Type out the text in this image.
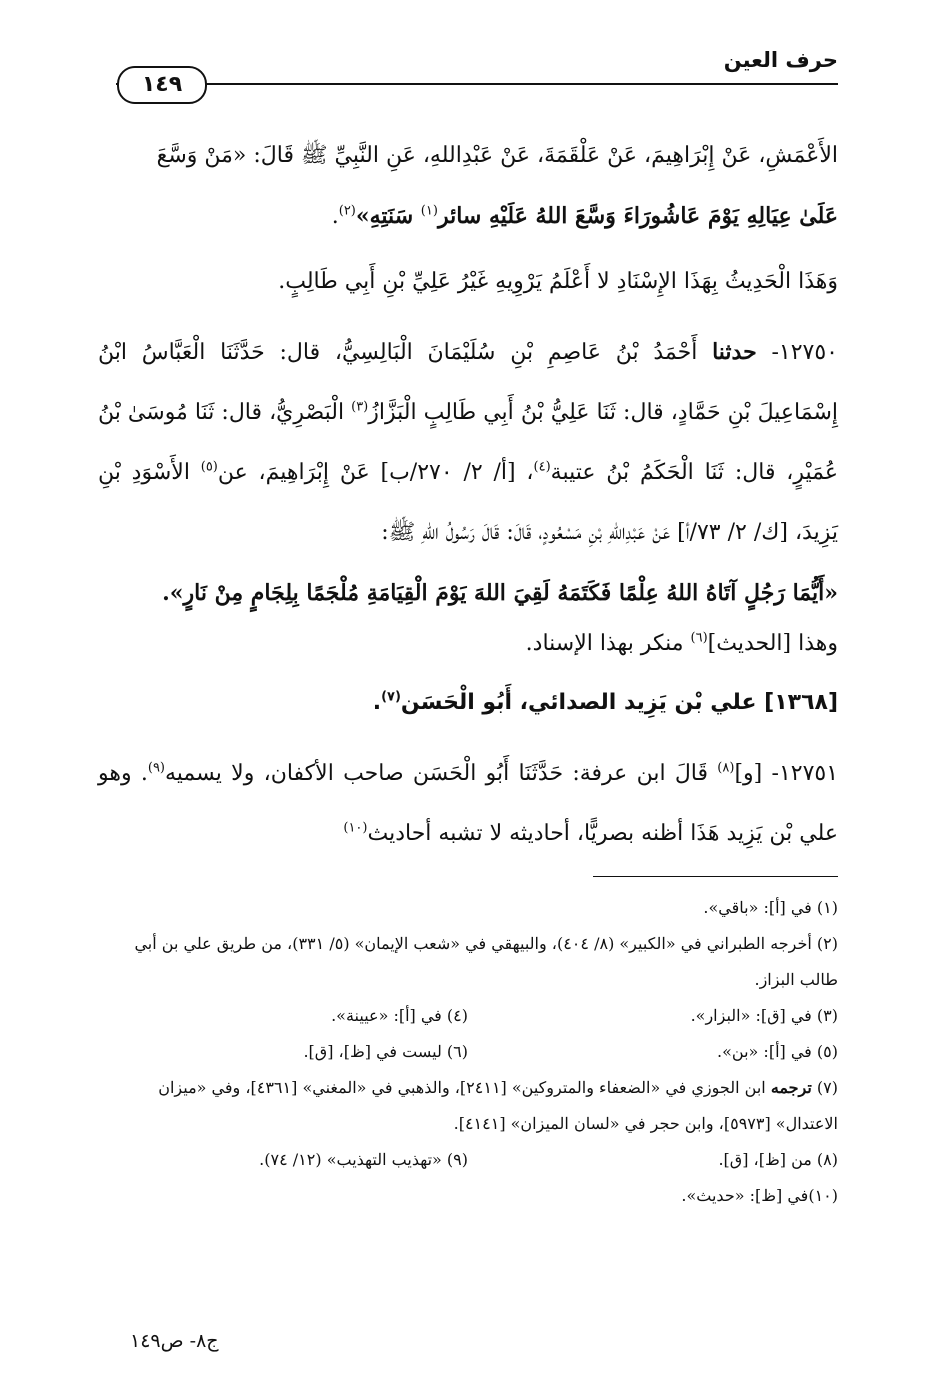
حرف العين
١٤٩
الأَعْمَشِ، عَنْ إِبْرَاهِيمَ، عَنْ عَلْقَمَةَ، عَنْ عَبْدِاللهِ، عَنِ النَّبِيِّ ﷺ قَالَ: «مَنْ وَسَّعَ
عَلَىٰ عِيَالِهِ يَوْمَ عَاشُورَاءَ وَسَّعَ اللهُ عَلَيْهِ سائر$^{(١)}$ سَنَتِهِ»$^{(٢)}$.
وَهَذَا الْحَدِيثُ بِهَذَا الإِسْنَادِ لا أَعْلَمُ يَرْوِيهِ غَيْرُ عَلِيِّ بْنِ أَبِي طَالِبٍ.
١٢٧٥٠- حدثنا أَحْمَدُ بْنُ عَاصِمِ بْنِ سُلَيْمَانَ الْبَالِسِيُّ، قال: حَدَّثَنَا الْعَبَّاسُ ابْنُ إِسْمَاعِيلَ بْنِ حَمَّادٍ، قال: ثَنَا عَلِيُّ بْنُ أَبِي طَالِبٍ الْبَزَّازُ$^{(٣)}$ الْبَصْرِيُّ، قال: ثَنَا مُوسَىٰ بْنُ عُمَيْرٍ، قال: ثَنَا الْحَكَمُ بْنُ عتيبة$^{(٤)}$، [أ/ ٢/ ٢٧٠/ب] عَنْ إِبْرَاهِيمَ، عن$^{(٥)}$ الأَسْوَدِ بْنِ يَزِيدَ، [ك/ ٢/ ٧٣/أ] عَنْ عَبْدِاللهِ بْنِ مَسْعُودٍ، قَالَ: قَالَ رَسُولُ اللهِ ﷺ:
«أَيُّمَا رَجُلٍ آتَاهُ اللهُ عِلْمًا فَكَتَمَهُ لَقِيَ اللهَ يَوْمَ الْقِيَامَةِ مُلْجَمًا بِلِجَامٍ مِنْ نَارٍ».
وهذا [الحديث]$^{(٦)}$ منكر بهذا الإسناد.
[١٣٦٨] علي بْن يَزِيد الصدائي، أَبُو الْحَسَن$^{(٧)}$.
١٢٧٥١- [و]$^{(٨)}$ قَالَ ابن عرفة: حَدَّثَنَا أَبُو الْحَسَن صاحب الأكفان، ولا يسميه$^{(٩)}$. وهو علي بْن يَزِيد هَذَا أظنه بصريًّا، أحاديثه لا تشبه أحاديث$^{(١٠)}$

(١) في [أ]: «باقي».

(٢) أخرجه الطبراني في «الكبير» (٨/ ٤٠٤)، والبيهقي في «شعب الإيمان» (٥/ ٣٣١)، من طريق علي بن أبي طالب البزاز.

(٣) في [ق]: «البزار».
(٤) في [أ]: «عيينة».
(٥) في [أ]: «بن».
(٦) ليست في [ظ]، [ق].

(٧) ترجمه ابن الجوزي في «الضعفاء والمتروكين» [٢٤١١]، والذهبي في «المغني» [٤٣٦١]، وفي «ميزان الاعتدال» [٥٩٧٣]، وابن حجر في «لسان الميزان» [٤١٤١].

(٨) من [ظ]، [ق].
(٩) «تهذيب التهذيب» (١٢/ ٧٤).

(١٠)في [ظ]: «حديث».

ج٨- ص١٤٩
